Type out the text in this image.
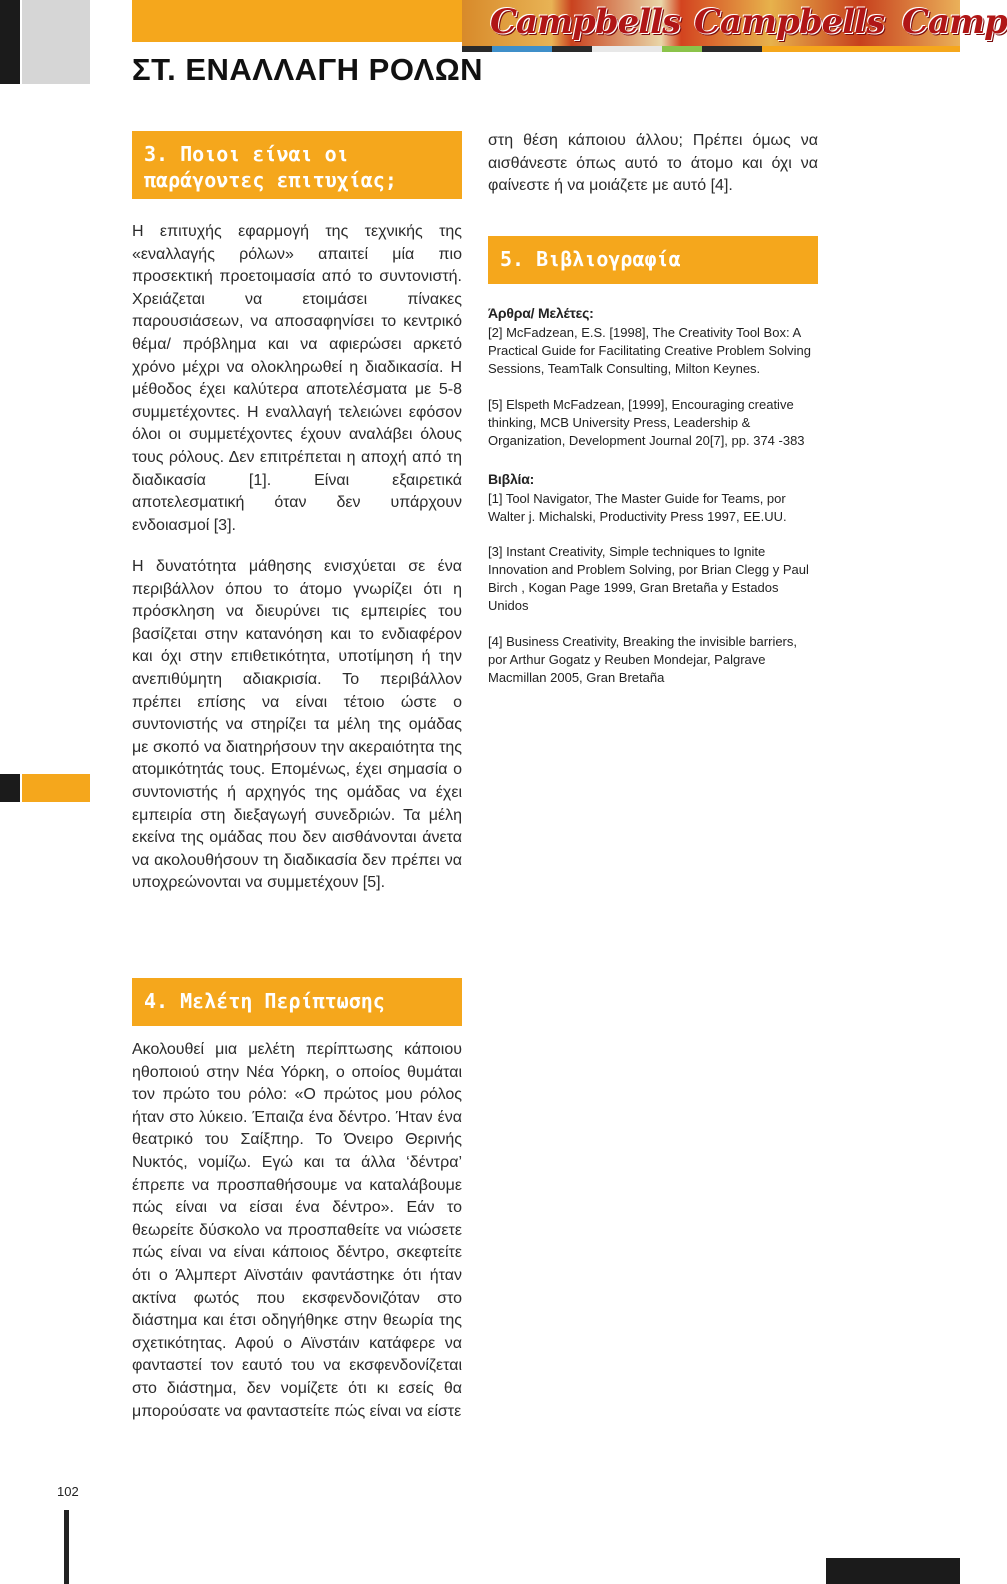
Campbells Campbells Camp
ΣΤ. ΕΝΑΛΛΑΓΗ ΡΟΛΩΝ
3. Ποιοι είναι οι παράγοντες επιτυχίας;

Η επιτυχής εφαρμογή της τεχνικής της «εναλλαγής ρόλων» απαιτεί μία πιο προσεκτική προετοιμασία από το συντονιστή. Χρειάζεται να ετοιμάσει πίνακες παρουσιάσεων, να αποσαφηνίσει το κεντρικό θέμα/ πρόβλημα και να αφιερώσει αρκετό χρόνο μέχρι να ολοκληρωθεί η διαδικασία. Η μέθοδος έχει καλύτερα αποτελέσματα με 5-8 συμμετέχοντες. Η εναλλαγή τελειώνει εφόσον όλοι οι συμμετέχοντες έχουν αναλάβει όλους τους ρόλους. Δεν επιτρέπεται η αποχή από τη διαδικασία [1]. Είναι εξαιρετικά αποτελεσματική όταν δεν υπάρχουν ενδοιασμοί [3].

Η δυνατότητα μάθησης ενισχύεται σε ένα περιβάλλον όπου το άτομο γνωρίζει ότι η πρόσκληση να διευρύνει τις εμπειρίες του βασίζεται στην κατανόηση και το ενδιαφέρον και όχι στην επιθετικότητα, υποτίμηση ή την ανεπιθύμητη αδιακρισία. Το περιβάλλον πρέπει επίσης να είναι τέτοιο ώστε ο συντονιστής να στηρίζει τα μέλη της ομάδας με σκοπό να διατηρήσουν την ακεραιότητα της ατομικότητάς τους. Επομένως, έχει σημασία ο συντονιστής ή αρχηγός της ομάδας να έχει εμπειρία στη διεξαγωγή συνεδριών. Τα μέλη εκείνα της ομάδας που δεν αισθάνονται άνετα να ακολουθήσουν τη διαδικασία δεν πρέπει να υποχρεώνονται να συμμετέχουν [5].

4. Μελέτη Περίπτωσης

Ακολουθεί μια μελέτη περίπτωσης κάποιου ηθοποιού στην Νέα Υόρκη, ο οποίος θυμάται τον πρώτο του ρόλο: «Ο πρώτος μου ρόλος ήταν στο λύκειο. Έπαιζα ένα δέντρο. Ήταν ένα θεατρικό του Σαίξπηρ. Το Όνειρο Θερινής Νυκτός, νομίζω. Εγώ και τα άλλα ‘δέντρα’ έπρεπε να προσπαθήσουμε να καταλάβουμε πώς είναι να είσαι ένα δέντρο». Εάν το θεωρείτε δύσκολο να προσπαθείτε να νιώσετε πώς είναι να είναι κάποιος δέντρο, σκεφτείτε ότι ο Άλμπερτ Αϊνστάιν φαντάστηκε ότι ήταν ακτίνα φωτός που εκσφενδονιζόταν στο διάστημα και έτσι οδηγήθηκε στην θεωρία της σχετικότητας. Αφού ο Αϊνστάιν κατάφερε να φανταστεί τον εαυτό του να εκσφενδονίζεται στο διάστημα, δεν νομίζετε ότι κι εσείς θα μπορούσατε να φανταστείτε πώς είναι να είστε

στη θέση κάποιου άλλου; Πρέπει όμως να αισθάνεστε όπως αυτό το άτομο και όχι να φαίνεστε ή να μοιάζετε με αυτό [4].

5. Βιβλιογραφία

Άρθρα/ Μελέτες:

[2] McFadzean, E.S. [1998], The Creativity Tool Box: A Practical Guide for Facilitating Creative Problem Solving Sessions, TeamTalk Consulting, Milton Keynes.

[5] Elspeth McFadzean, [1999], Encouraging creative thinking, MCB University Press, Leadership & Organization, Development Journal 20[7], pp. 374 -383

Βιβλία:

[1] Tool Navigator, The Master Guide for Teams, por Walter j. Michalski, Productivity Press 1997, EE.UU.

[3] Instant Creativity, Simple techniques to Ignite Innovation and Problem Solving, por Brian Clegg y Paul Birch , Kogan Page 1999, Gran Bretaña y Estados Unidos

[4] Business Creativity, Breaking the invisible barriers, por Arthur Gogatz y Reuben Mondejar, Palgrave Macmillan 2005, Gran Bretaña

102
